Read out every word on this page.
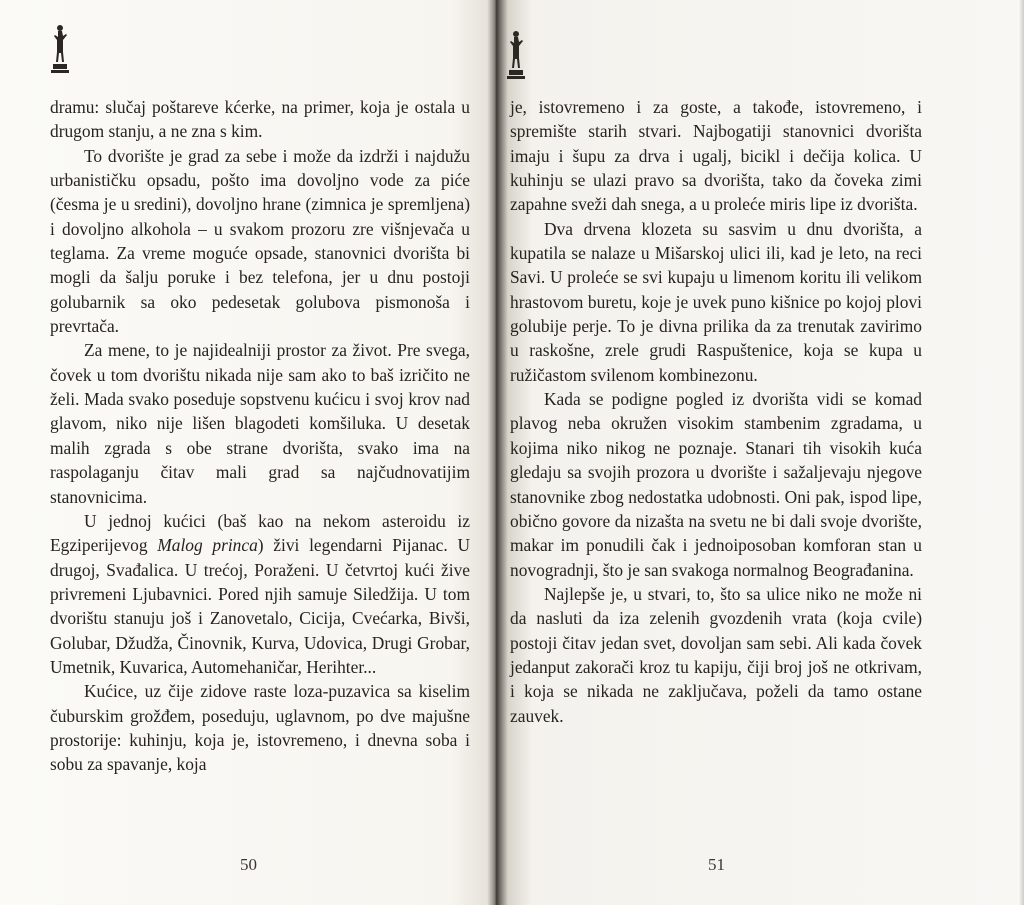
dramu: slučaj poštareve kćerke, na primer, koja je ostala u drugom stanju, a ne zna s kim.

To dvorište je grad za sebe i može da izdrži i najdužu urbanističku opsadu, pošto ima dovoljno vode za piće (česma je u sredini), dovoljno hrane (zimnica je spremljena) i dovoljno alkohola – u svakom prozoru zre višnjevača u teglama. Za vreme moguće opsade, stanovnici dvorišta bi mogli da šalju poruke i bez telefona, jer u dnu postoji golubarnik sa oko pedesetak golubova pismonoša i prevrtača.

Za mene, to je najidealniji prostor za život. Pre svega, čovek u tom dvorištu nikada nije sam ako to baš izričito ne želi. Mada svako poseduje sopstvenu kućicu i svoj krov nad glavom, niko nije lišen blagodeti komšiluka. U desetak malih zgrada s obe strane dvorišta, svako ima na raspolaganju čitav mali grad sa najčudnovatijim stanovnicima.

U jednoj kućici (baš kao na nekom asteroidu iz Egziperijevog Malog princa) živi legendarni Pijanac. U drugoj, Svađalica. U trećoj, Poraženi. U četvrtoj kući žive privremeni Ljubavnici. Pored njih samuje Siledžija. U tom dvorištu stanuju još i Zanovetalo, Cicija, Cvećarka, Bivši, Golubar, Džudža, Činovnik, Kurva, Udovica, Drugi Grobar, Umetnik, Kuvarica, Automehaničar, Herihter...

Kućice, uz čije zidove raste loza-puzavica sa kiselim čuburskim grožđem, poseduju, uglavnom, po dve majušne prostorije: kuhinju, koja je, istovremeno, i dnevna soba i sobu za spavanje, koja

50

je, istovremeno i za goste, a takođe, istovremeno, i spremište starih stvari. Najbogatiji stanovnici dvorišta imaju i šupu za drva i ugalj, bicikl i dečija kolica. U kuhinju se ulazi pravo sa dvorišta, tako da čoveka zimi zapahne sveži dah snega, a u proleće miris lipe iz dvorišta.

Dva drvena klozeta su sasvim u dnu dvorišta, a kupatila se nalaze u Mišarskoj ulici ili, kad je leto, na reci Savi. U proleće se svi kupaju u limenom koritu ili velikom hrastovom buretu, koje je uvek puno kišnice po kojoj plovi golubije perje. To je divna prilika da za trenutak zavirimo u raskošne, zrele grudi Raspuštenice, koja se kupa u ružičastom svilenom kombinezonu.

Kada se podigne pogled iz dvorišta vidi se komad plavog neba okružen visokim stambenim zgradama, u kojima niko nikog ne poznaje. Stanari tih visokih kuća gledaju sa svojih prozora u dvorište i sažaljevaju njegove stanovnike zbog nedostatka udobnosti. Oni pak, ispod lipe, obično govore da nizašta na svetu ne bi dali svoje dvorište, makar im ponudili čak i jednoiposoban komforan stan u novogradnji, što je san svakoga normalnog Beograđanina.

Najlepše je, u stvari, to, što sa ulice niko ne može ni da nasluti da iza zelenih gvozdenih vrata (koja cvile) postoji čitav jedan svet, dovoljan sam sebi. Ali kada čovek jedanput zakorači kroz tu kapiju, čiji broj još ne otkrivam, i koja se nikada ne zaključava, poželi da tamo ostane zauvek.

51
